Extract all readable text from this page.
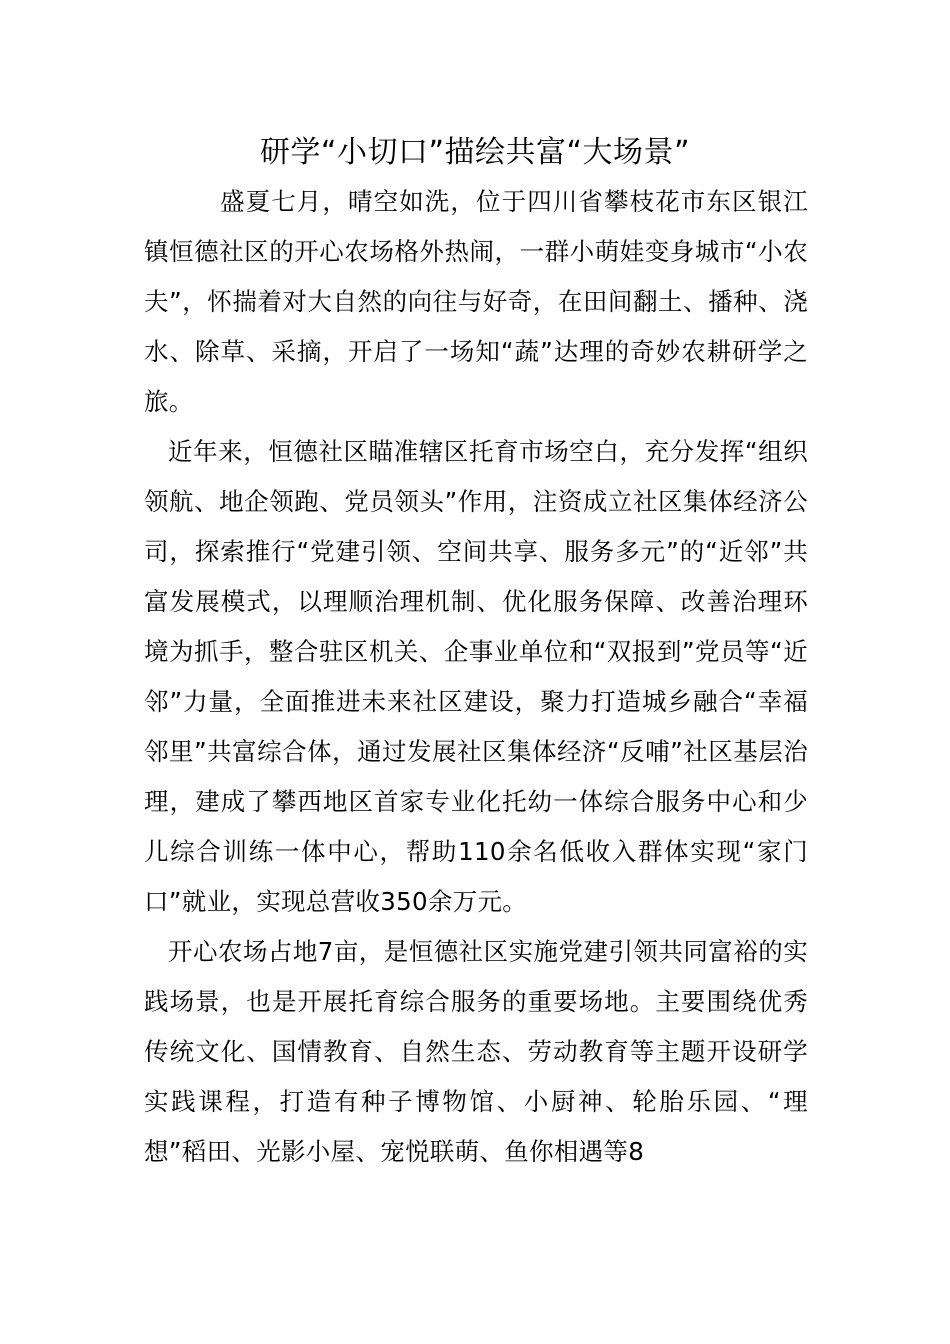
研学“小切口”描绘共富“大场景”

盛夏七月，晴空如洗，位于四川省攀枝花市东区银江镇恒德社区的开心农场格外热闹，一群小萌娃变身城市“小农夫”，怀揣着对大自然的向往与好奇，在田间翻土、播种、浇水、除草、采摘，开启了一场知“蔬”达理的奇妙农耕研学之旅。

近年来，恒德社区瞄准辖区托育市场空白，充分发挥“组织领航、地企领跑、党员领头”作用，注资成立社区集体经济公司，探索推行“党建引领、空间共享、服务多元”的“近邻”共富发展模式，以理顺治理机制、优化服务保障、改善治理环境为抓手，整合驻区机关、企事业单位和“双报到”党员等“近邻”力量，全面推进未来社区建设，聚力打造城乡融合“幸福邻里”共富综合体，通过发展社区集体经济“反哺”社区基层治理，建成了攀西地区首家专业化托幼一体综合服务中心和少儿综合训练一体中心，帮助110余名低收入群体实现“家门口”就业，实现总营收350余万元。

开心农场占地7亩，是恒德社区实施党建引领共同富裕的实践场景，也是开展托育综合服务的重要场地。主要围绕优秀传统文化、国情教育、自然生态、劳动教育等主题开设研学实践课程，打造有种子博物馆、小厨神、轮胎乐园、“理想”稻田、光影小屋、宠悦联萌、鱼你相遇等8
